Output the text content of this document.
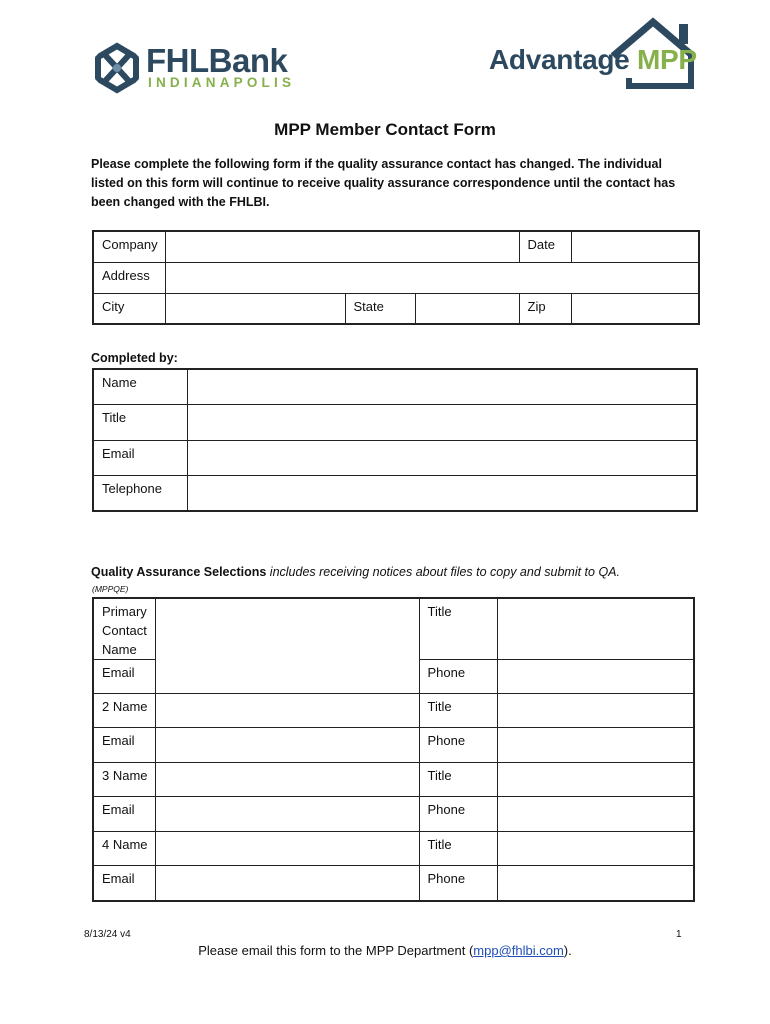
FHLBank
INDIANAPOLIS
Advantage MPP
MPP Member Contact Form
Please complete the following form if the quality assurance contact has changed. The individual listed on this form will continue to receive quality assurance correspondence until the contact has been changed with the FHLBI.
Company				Date	
Address					
City		State		Zip	
Completed by:
Name	
Title	
Email	
Telephone	
Quality Assurance Selections includes receiving notices about files to copy and submit to QA.
(MPPQE)
Primary
Contact
Name		Title	
Email		Phone	
2 Name		Title	
Email		Phone	
3 Name		Title	
Email		Phone	
4 Name		Title	
Email		Phone	
8/13/24 v4	1
Please email this form to the MPP Department (mpp@fhlbi.com).
